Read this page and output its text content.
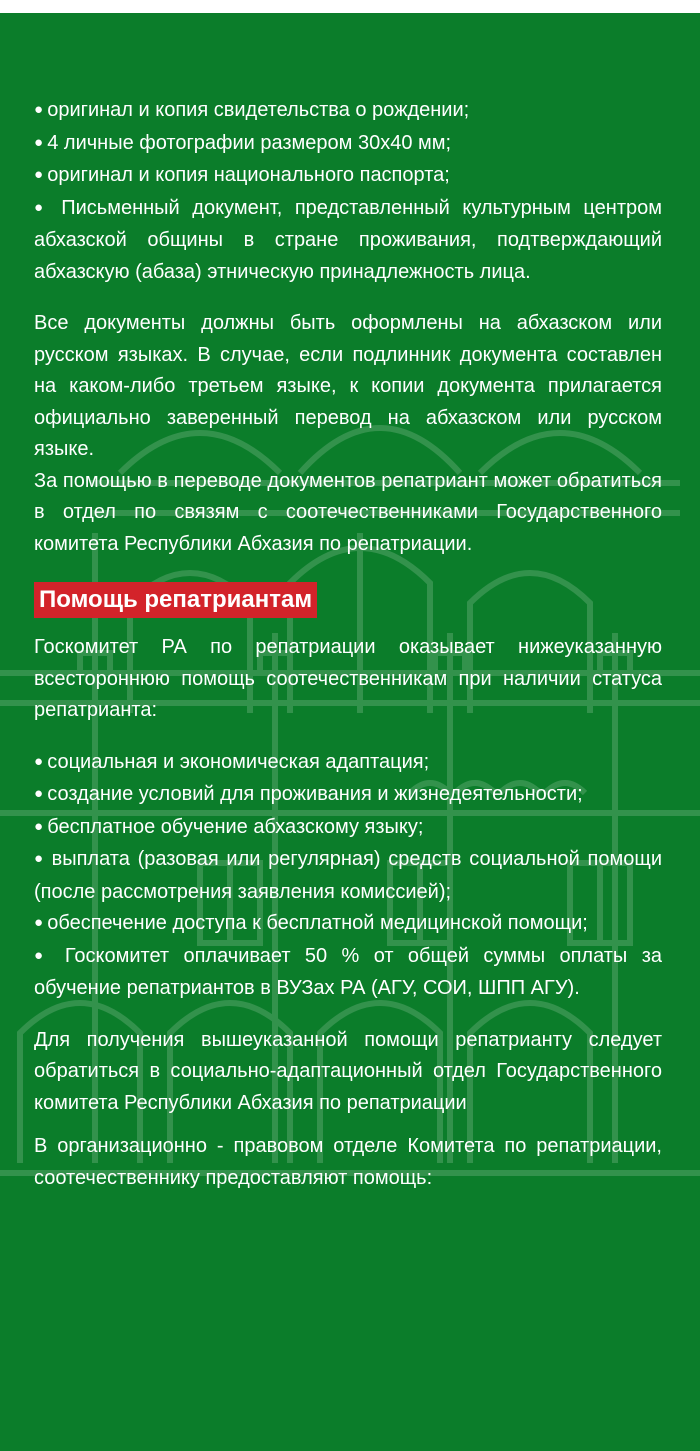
● оригинал и копия свидетельства о рождении;
● 4 личные фотографии размером 30х40 мм;
● оригинал и копия национального паспорта;
● Письменный документ, представленный культурным центром абхазской общины в стране проживания, подтверждающий абхазскую (абаза) этническую принадлежность лица.

Все документы должны быть оформлены на абхазском или русском языках. В случае, если подлинник документа составлен на каком-либо третьем языке, к копии документа прилагается официально заверенный перевод на абхазском или русском языке.

За помощью в переводе документов репатриант может обратиться в отдел по связям с соотечественниками Государственного комитета Республики Абхазия по репатриации.

Помощь репатриантам

Госкомитет РА по репатриации оказывает нижеуказанную всестороннюю помощь соотечественникам при наличии статуса репатрианта:

● социальная и экономическая адаптация;
● создание условий для проживания и жизнедеятельности;
● бесплатное обучение абхазскому языку;
● выплата (разовая или регулярная) средств социальной помощи (после рассмотрения заявления комиссией);
● обеспечение доступа к бесплатной медицинской помощи;
● Госкомитет оплачивает 50 % от общей суммы оплаты за обучение репатриантов в ВУЗах РА (АГУ, СОИ, ШПП АГУ).

Для получения вышеуказанной помощи репатрианту следует обратиться в социально-адаптационный отдел Государственного комитета Республики Абхазия по репатриации

В организационно - правовом отделе Комитета по репатриации, соотечественнику предоставляют помощь:
